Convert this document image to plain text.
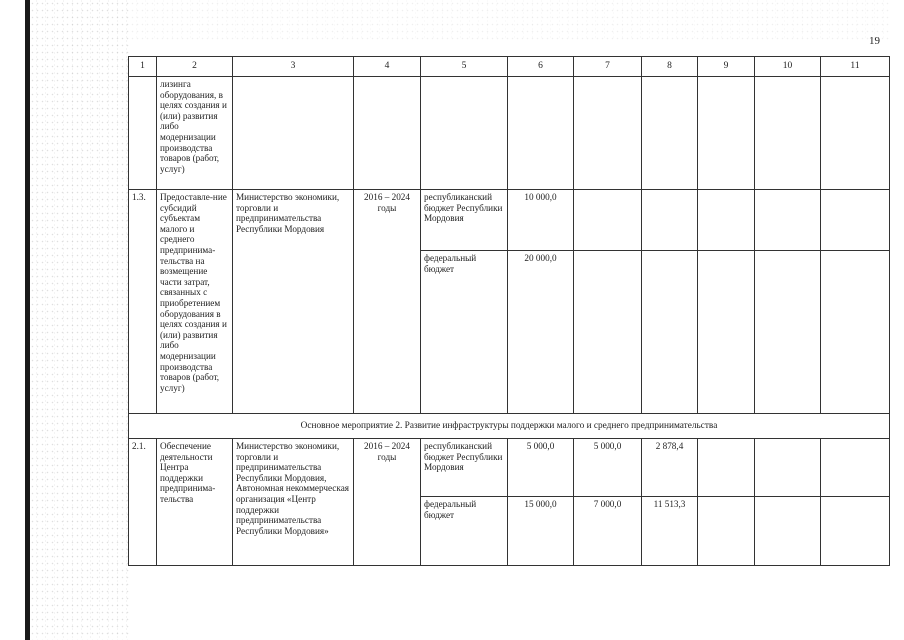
19
1	2	3	4	5	6	7	8	9	10	11
	лизинга оборудования, в целях создания и (или) развития либо модернизации производства товаров (работ, услуг)									
1.3.	Предоставле-ние субсидий субъектам малого и среднего предпринима-тельства на возмещение части затрат, связанных с приобретением оборудования в целях создания и (или) развития либо модернизации производства товаров (работ, услуг)	Министерство экономики, торговли и предпринимательства Республики Мордовия	2016 – 2024 годы	республиканский бюджет Республики Мордовия	10 000,0					
				федеральный бюджет	20 000,0					
Основное мероприятие 2. Развитие инфраструктуры поддержки малого и среднего предпринимательства										
2.1.	Обеспечение деятельности Центра поддержки предпринима-тельства	Министерство экономики, торговли и предпринимательства Республики Мордовия, Автономная некоммерческая организация «Центр поддержки предпринимательства Республики Мордовия»	2016 – 2024 годы	республиканский бюджет Республики Мордовия	5 000,0	5 000,0	2 878,4			
				федеральный бюджет	15 000,0	7 000,0	11 513,3			
